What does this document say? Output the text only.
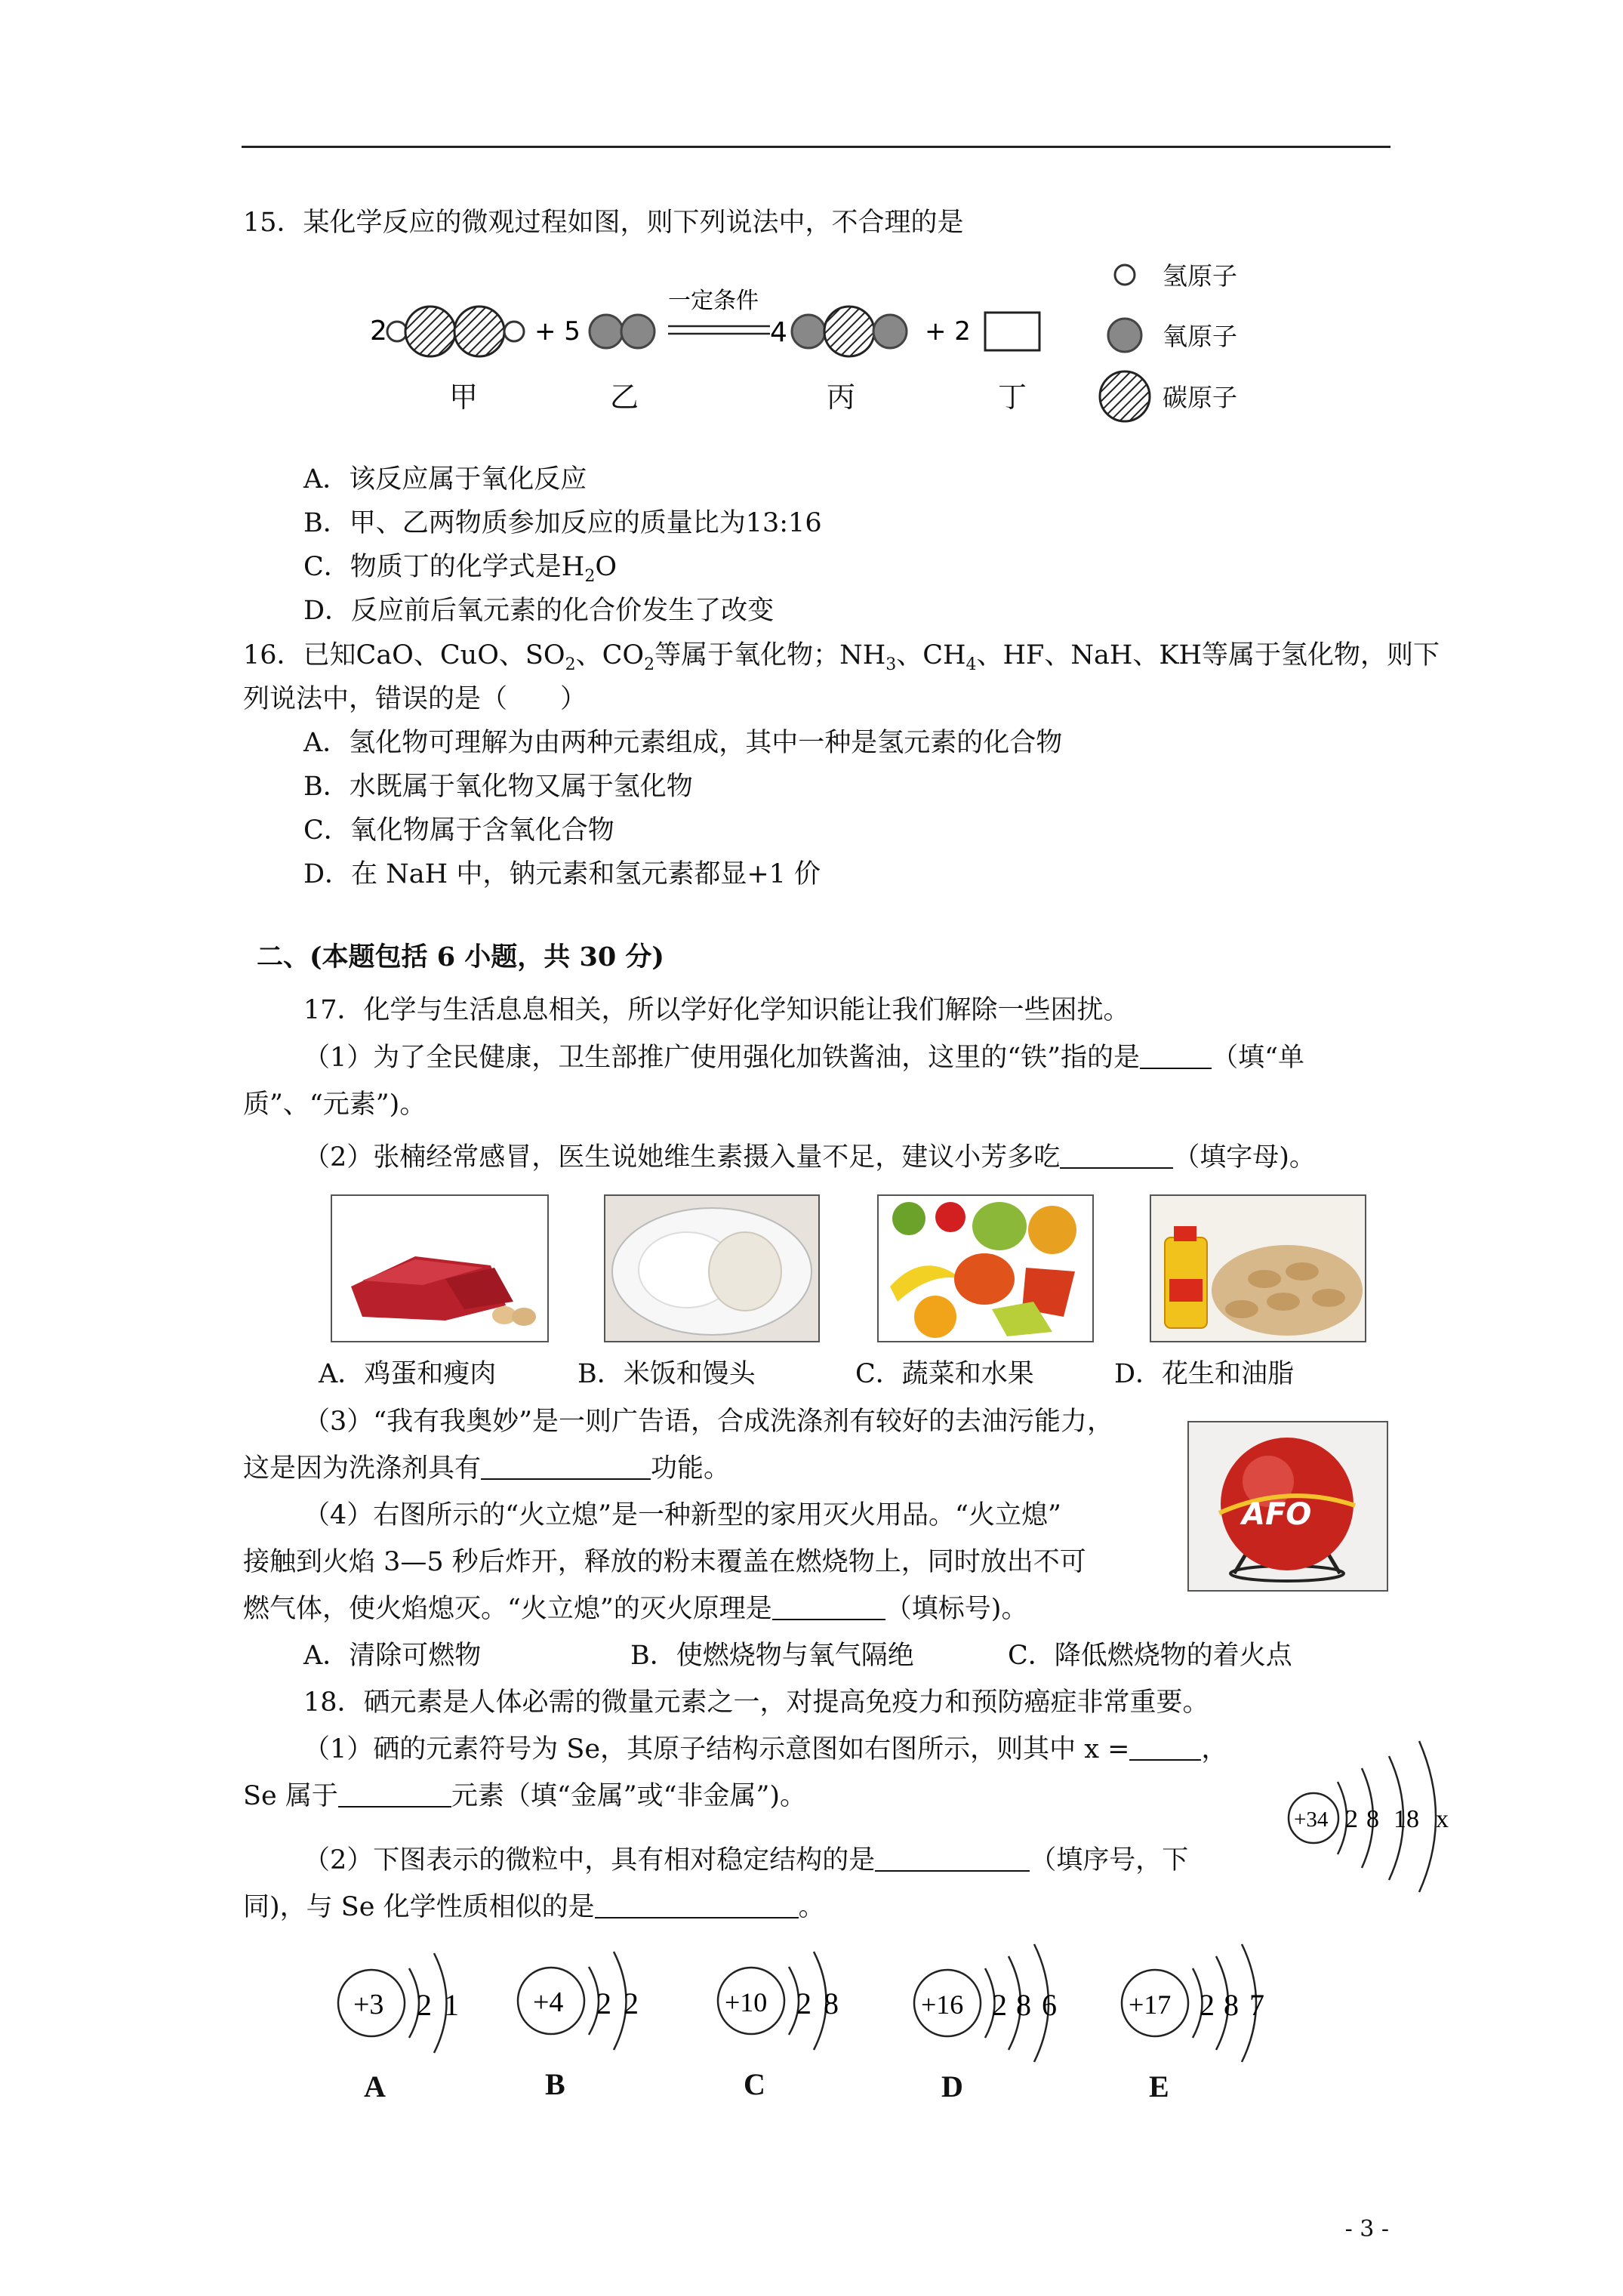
15．某化学反应的微观过程如图，则下列说法中，不合理的是
2	+ 5
一定条件
4	+ 2
甲	乙	丙	丁
氢原子
氧原子
碳原子
A．该反应属于氧化反应
B．甲、乙两物质参加反应的质量比为13:16
C．物质丁的化学式是$H_2O$
D．反应前后氧元素的化合价发生了改变
16．已知CaO、CuO、$SO_2$、$CO_2$等属于氧化物；$NH_3$、$CH_4$、HF、NaH、KH等属于氢化物，则下
列说法中，错误的是（　　）
A．氢化物可理解为由两种元素组成，其中一种是氢元素的化合物
B．水既属于氧化物又属于氢化物
C．氧化物属于含氧化合物
D．在 NaH 中，钠元素和氢元素都显+1 价
二、(本题包括 6 小题，共 30 分)
17．化学与生活息息相关，所以学好化学知识能让我们解除一些困扰。
（1）为了全民健康，卫生部推广使用强化加铁酱油，这里的“铁”指的是	（填“单
质”、“元素”)。
（2）张楠经常感冒，医生说她维生素摄入量不足，建议小芳多吃	（填字母)。
A．鸡蛋和瘦肉	B．米饭和馒头	C．蔬菜和水果	D．花生和油脂
（3）“我有我奥妙”是一则广告语，合成洗涤剂有较好的去油污能力，
这是因为洗涤剂具有	功能。
AFO
（4）右图所示的“火立熄”是一种新型的家用灭火用品。“火立熄”
接触到火焰 3—5 秒后炸开，释放的粉末覆盖在燃烧物上，同时放出不可
燃气体，使火焰熄灭。“火立熄”的灭火原理是	（填标号)。
A．清除可燃物	B．使燃烧物与氧气隔绝	C．降低燃烧物的着火点
18．硒元素是人体必需的微量元素之一，对提高免疫力和预防癌症非常重要。
（1）硒的元素符号为 Se，其原子结构示意图如右图所示，则其中 x =	，
Se 属于	元素（填“金属”或“非金属”)。
+34 2 8 18 x
（2）下图表示的微粒中，具有相对稳定结构的是	（填序号，下
同)，与 Se 化学性质相似的是	。
+3 2 1	+4 2 2	+10 2 8	+16 2 8 6	+17 2 8 7
A	B	C	D	E
- 3 -
